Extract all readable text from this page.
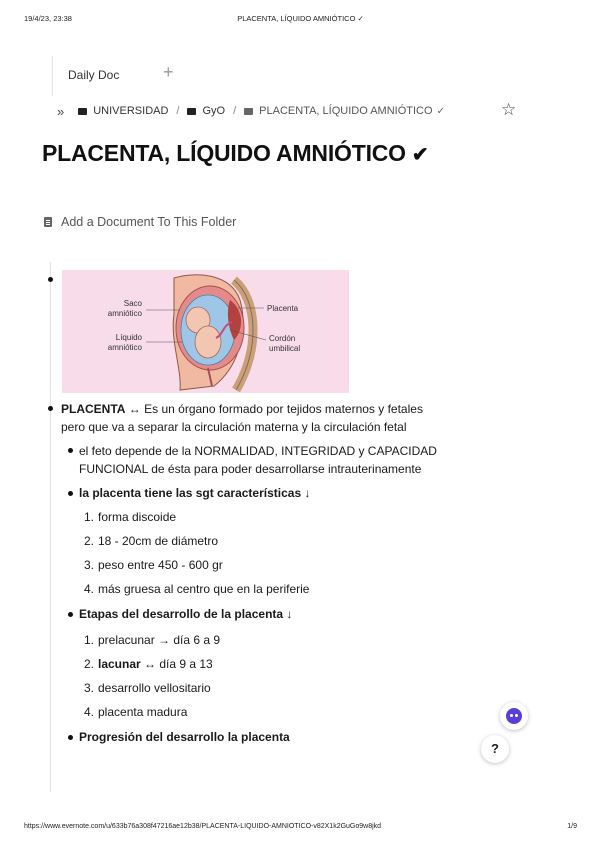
19/4/23, 23:38	PLACENTA, LÍQUIDO AMNIÓTICO ✓
Daily Doc +
»	UNIVERSIDAD / GyO / PLACENTA, LÍQUIDO AMNIÓTICO ✓	☆
PLACENTA, LÍQUIDO AMNIÓTICO ✔
Add a Document To This Folder
Saco
amniótico
Líquido
amniótico
Placenta
Cordón
umbilical
PLACENTA ↔ Es un órgano formado por tejidos maternos y fetales
pero que va a separar la circulación materna y la circulación fetal
el feto depende de la NORMALIDAD, INTEGRIDAD y CAPACIDAD
FUNCIONAL de ésta para poder desarrollarse intrauterinamente
la placenta tiene las sgt características ↓
1. forma discoide
2. 18 - 20cm de diámetro
3. peso entre 450 - 600 gr
4. más gruesa al centro que en la periferie
Etapas del desarrollo de la placenta ↓
1. prelacunar → día 6 a 9
2. lacunar ↔ día 9 a 13
3. desarrollo vellositario
4. placenta madura
Progresión del desarrollo la placenta
?
https://www.evernote.com/u/633b76a308f47216ae12b38/PLACENTA-LIQUIDO-AMNIOTICO-v82X1k2GuGo9w8jkd	1/9
